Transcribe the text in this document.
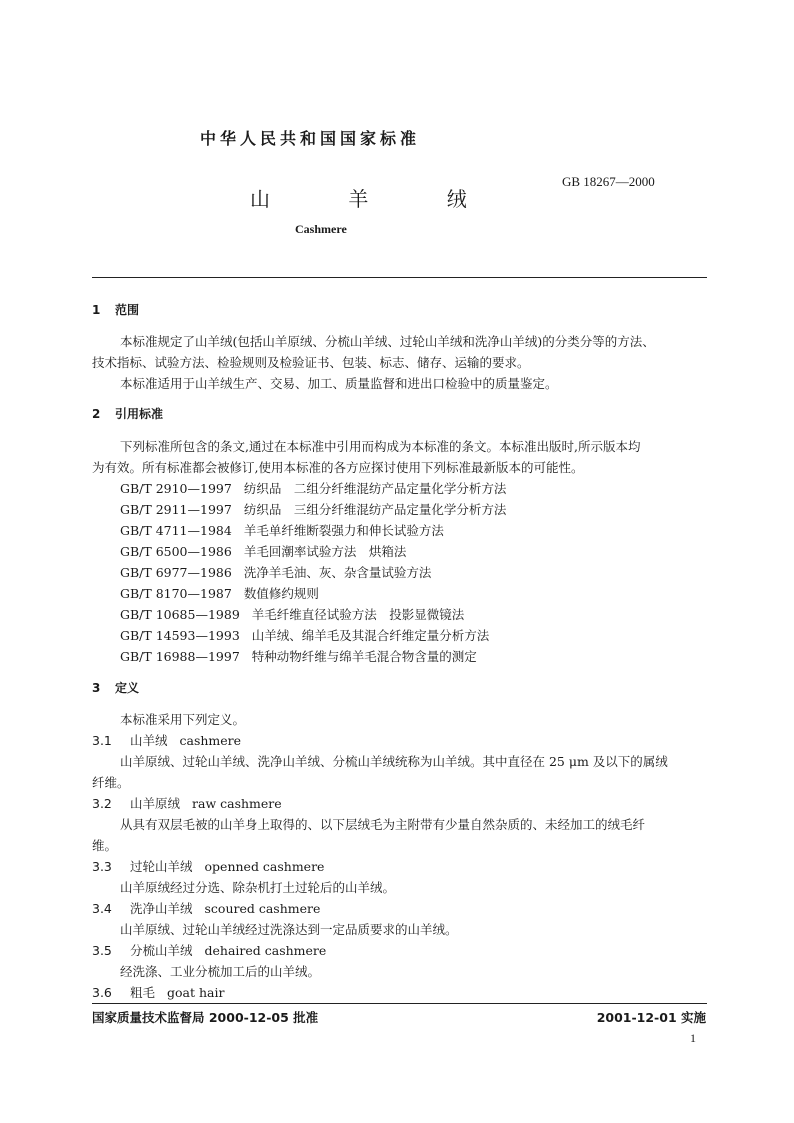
中华人民共和国国家标准
山 羊 绒
GB 18267—2000
Cashmere
1 范围
本标准规定了山羊绒(包括山羊原绒、分梳山羊绒、过轮山羊绒和洗净山羊绒)的分类分等的方法、
技术指标、试验方法、检验规则及检验证书、包装、标志、储存、运输的要求。
本标准适用于山羊绒生产、交易、加工、质量监督和进出口检验中的质量鉴定。
2 引用标准
下列标准所包含的条文,通过在本标准中引用而构成为本标准的条文。本标准出版时,所示版本均
为有效。所有标准都会被修订,使用本标准的各方应探讨使用下列标准最新版本的可能性。
GB/T 2910—1997 纺织品　二组分纤维混纺产品定量化学分析方法
GB/T 2911—1997 纺织品　三组分纤维混纺产品定量化学分析方法
GB/T 4711—1984 羊毛单纤维断裂强力和伸长试验方法
GB/T 6500—1986 羊毛回潮率试验方法　烘箱法
GB/T 6977—1986 洗净羊毛油、灰、杂含量试验方法
GB/T 8170—1987 数值修约规则
GB/T 10685—1989 羊毛纤维直径试验方法　投影显微镜法
GB/T 14593—1993 山羊绒、绵羊毛及其混合纤维定量分析方法
GB/T 16988—1997 特种动物纤维与绵羊毛混合物含量的测定
3 定义
本标准采用下列定义。
3.1 山羊绒 cashmere
山羊原绒、过轮山羊绒、洗净山羊绒、分梳山羊绒统称为山羊绒。其中直径在 25 μm 及以下的属绒
纤维。
3.2 山羊原绒 raw cashmere
从具有双层毛被的山羊身上取得的、以下层绒毛为主附带有少量自然杂质的、未经加工的绒毛纤
维。
3.3 过轮山羊绒 openned cashmere
山羊原绒经过分选、除杂机打土过轮后的山羊绒。
3.4 洗净山羊绒 scoured cashmere
山羊原绒、过轮山羊绒经过洗涤达到一定品质要求的山羊绒。
3.5 分梳山羊绒 dehaired cashmere
经洗涤、工业分梳加工后的山羊绒。
3.6 粗毛 goat hair
国家质量技术监督局 2000-12-05 批准	2001-12-01 实施
1
